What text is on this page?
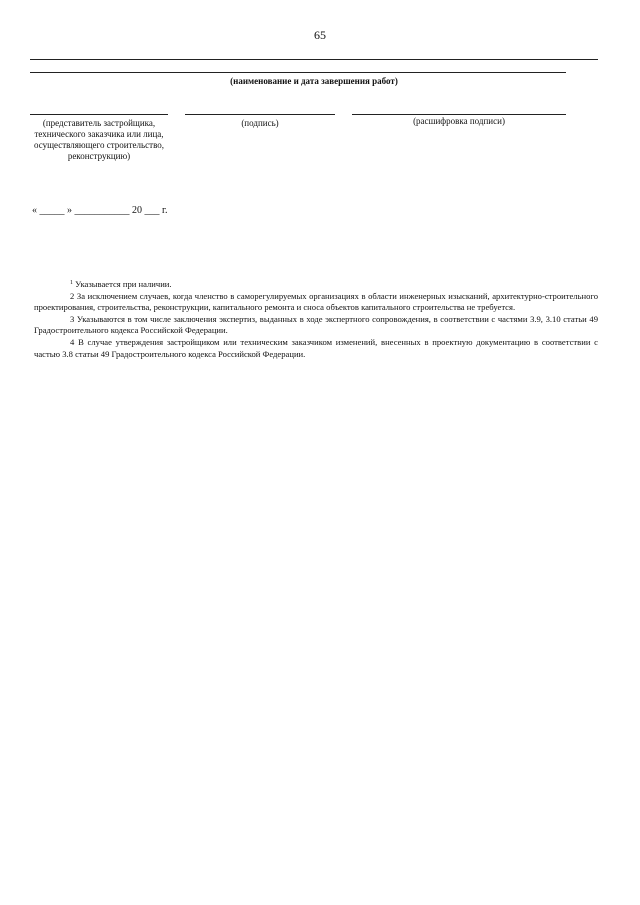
65
(наименование и дата завершения работ)
(представитель застройщика, технического заказчика или лица, осуществляющего строительство, реконструкцию)
(подпись)	(расшифровка подписи)
« _____ » ___________ 20 ___ г.

$^1$ Указывается при наличии.

2 За исключением случаев, когда членство в саморегулируемых организациях в области инженерных изысканий, архитектурно-строительного проектирования, строительства, реконструкции, капитального ремонта и сноса объектов капитального строительства не требуется.

3 Указываются в том числе заключения экспертиз, выданных в ходе экспертного сопровождения, в соответствии с частями 3.9, 3.10 статьи 49 Градостроительного кодекса Российской Федерации.

4 В случае утверждения застройщиком или техническим заказчиком изменений, внесенных в проектную документацию в соответствии с частью 3.8 статьи 49 Градостроительного кодекса Российской Федерации.
